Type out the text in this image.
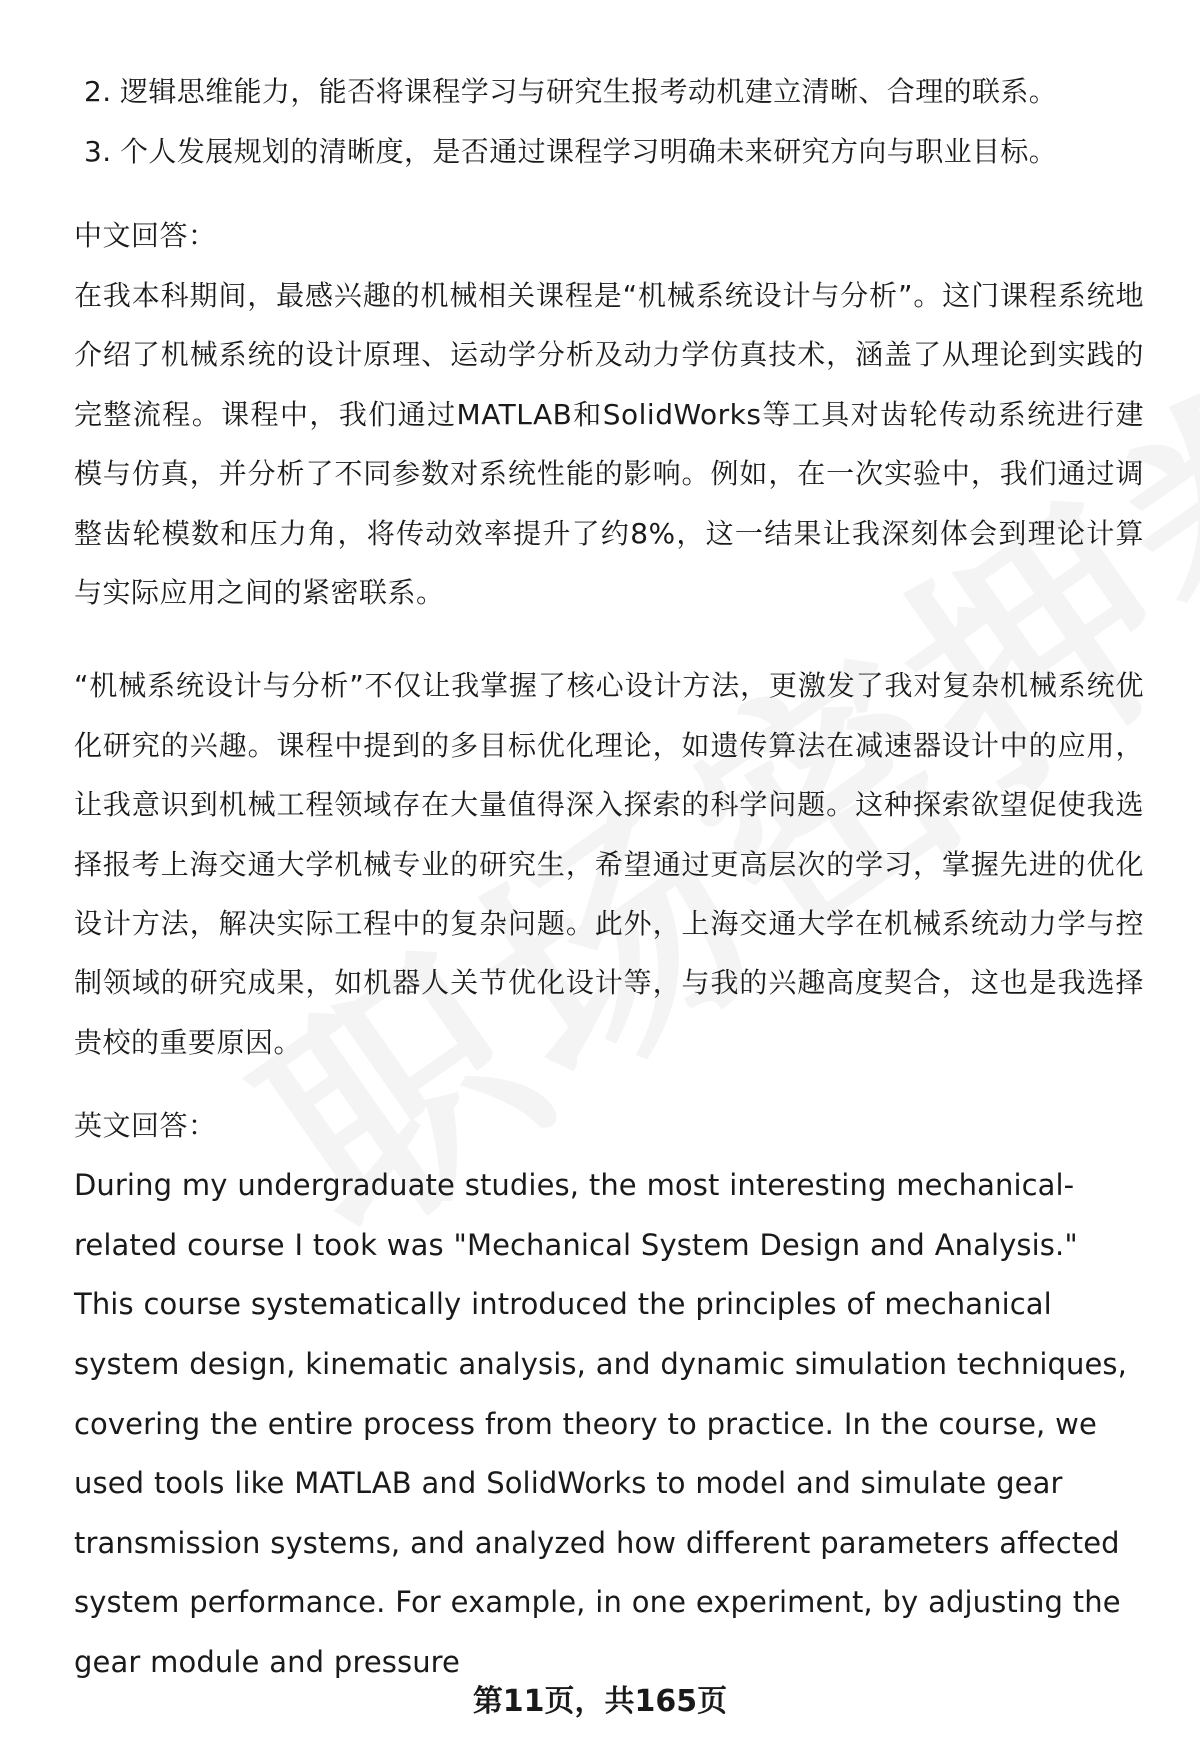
2. 逻辑思维能力，能否将课程学习与研究生报考动机建立清晰、合理的联系。
3. 个人发展规划的清晰度，是否通过课程学习明确未来研究方向与职业目标。
中文回答：

在我本科期间，最感兴趣的机械相关课程是“机械系统设计与分析”。这门课程系统地介绍了机械系统的设计原理、运动学分析及动力学仿真技术，涵盖了从理论到实践的完整流程。课程中，我们通过MATLAB和SolidWorks等工具对齿轮传动系统进行建模与仿真，并分析了不同参数对系统性能的影响。例如，在一次实验中，我们通过调整齿轮模数和压力角，将传动效率提升了约8%，这一结果让我深刻体会到理论计算与实际应用之间的紧密联系。

“机械系统设计与分析”不仅让我掌握了核心设计方法，更激发了我对复杂机械系统优化研究的兴趣。课程中提到的多目标优化理论，如遗传算法在减速器设计中的应用，让我意识到机械工程领域存在大量值得深入探索的科学问题。这种探索欲望促使我选择报考上海交通大学机械专业的研究生，希望通过更高层次的学习，掌握先进的优化设计方法，解决实际工程中的复杂问题。此外，上海交通大学在机械系统动力学与控制领域的研究成果，如机器人关节优化设计等，与我的兴趣高度契合，这也是我选择贵校的重要原因。

英文回答：

During my undergraduate studies, the most interesting mechanical-related course I took was "Mechanical System Design and Analysis." This course systematically introduced the principles of mechanical system design, kinematic analysis, and dynamic simulation techniques, covering the entire process from theory to practice. In the course, we used tools like MATLAB and SolidWorks to model and simulate gear transmission systems, and analyzed how different parameters affected system performance. For example, in one experiment, by adjusting the gear module and pressure

第11页，共165页
